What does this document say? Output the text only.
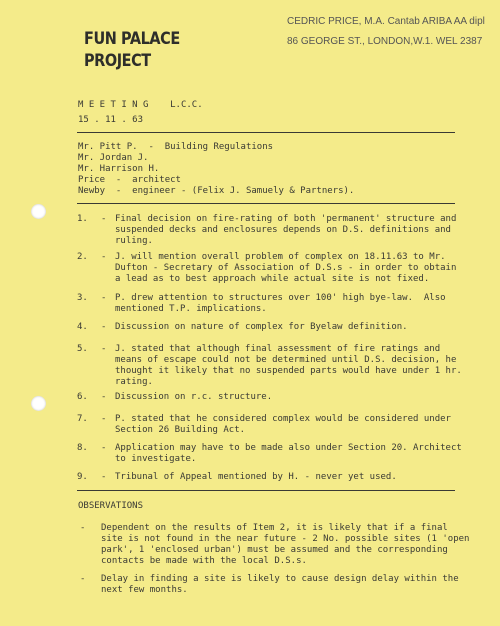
FUN PALACE
PROJECT
CEDRIC PRICE, M.A. Cantab ARIBA AA dipl
86 GEORGE ST., LONDON,W.1. WEL 2387
M E E T I N G    L.C.C.
15 . 11 . 63
Mr. Pitt P.  -  Building Regulations
Mr. Jordan J.
Mr. Harrison H.
Price  -  architect
Newby  -  engineer - (Felix J. Samuely & Partners).
1. - Final decision on fire-rating of both 'permanent' structure and
suspended decks and enclosures depends on D.S. definitions and
ruling.
2. - J. will mention overall problem of complex on 18.11.63 to Mr.
Dufton - Secretary of Association of D.S.s - in order to obtain
a lead as to best approach while actual site is not fixed.
3. - P. drew attention to structures over 100' high bye-law.  Also
mentioned T.P. implications.
4. - Discussion on nature of complex for Byelaw definition.
5. - J. stated that although final assessment of fire ratings and
means of escape could not be determined until D.S. decision, he
thought it likely that no suspended parts would have under 1 hr.
rating.
6. - Discussion on r.c. structure.
7. - P. stated that he considered complex would be considered under
Section 26 Building Act.
8. - Application may have to be made also under Section 20. Architect
to investigate.
9. - Tribunal of Appeal mentioned by H. - never yet used.
OBSERVATIONS
- Dependent on the results of Item 2, it is likely that if a final
site is not found in the near future - 2 No. possible sites (1 'open
park', 1 'enclosed urban') must be assumed and the corresponding
contacts be made with the local D.S.s.
- Delay in finding a site is likely to cause design delay within the
next few months.
